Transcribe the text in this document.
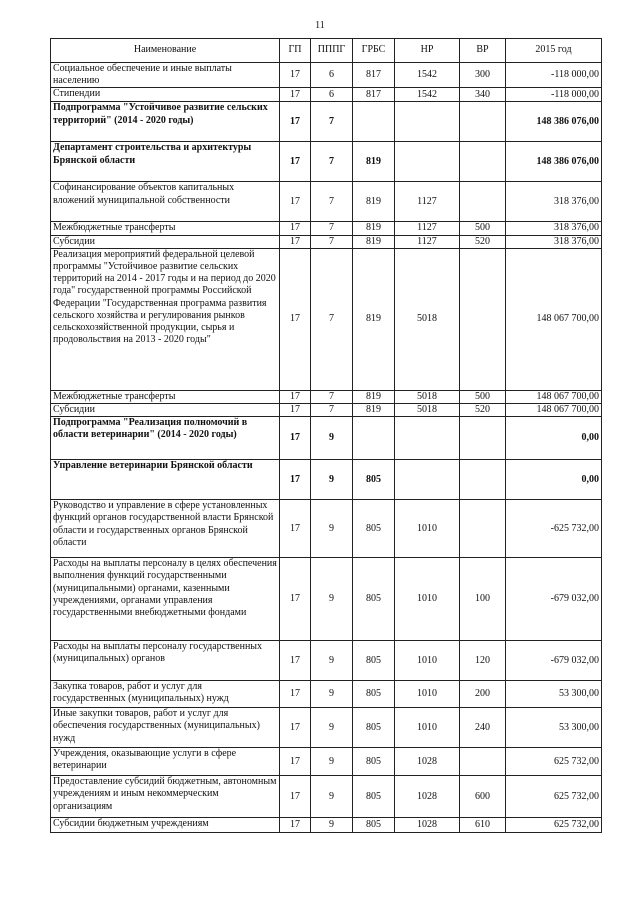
11
Наименование	ГП	ПППГ	ГРБС	НР	ВР	2015 год
Социальное обеспечение и иные выплаты населению	17	6	817	1542	300	-118 000,00
Стипендии	17	6	817	1542	340	-118 000,00
Подпрограмма "Устойчивое развитие сельских территорий" (2014 - 2020 годы)	17	7				148 386 076,00
Департамент строительства и архитектуры Брянской области	17	7	819			148 386 076,00
Софинансирование объектов капитальных вложений муниципальной собственности	17	7	819	1127		318 376,00
Межбюджетные трансферты	17	7	819	1127	500	318 376,00
Субсидии	17	7	819	1127	520	318 376,00
Реализация мероприятий федеральной целевой программы "Устойчивое развитие сельских территорий на 2014 - 2017 годы и на период до 2020 года" государственной программы Российской Федерации "Государственная программа развития сельского хозяйства и регулирования рынков сельскохозяйственной продукции, сырья и продовольствия на 2013 - 2020 годы"	17	7	819	5018		148 067 700,00
Межбюджетные трансферты	17	7	819	5018	500	148 067 700,00
Субсидии	17	7	819	5018	520	148 067 700,00
Подпрограмма "Реализация полномочий в области ветеринарии" (2014 - 2020 годы)	17	9				0,00
Управление ветеринарии Брянской области	17	9	805			0,00
Руководство и управление в сфере установленных функций органов государственной власти Брянской области и государственных органов Брянской области	17	9	805	1010		-625 732,00
Расходы на выплаты персоналу в целях обеспечения выполнения функций государственными (муниципальными) органами, казенными учреждениями, органами управления государственными внебюджетными фондами	17	9	805	1010	100	-679 032,00
Расходы на выплаты персоналу государственных (муниципальных) органов	17	9	805	1010	120	-679 032,00
Закупка товаров, работ и услуг для государственных (муниципальных) нужд	17	9	805	1010	200	53 300,00
Иные закупки товаров, работ и услуг для обеспечения государственных (муниципальных) нужд	17	9	805	1010	240	53 300,00
Учреждения, оказывающие услуги в сфере ветеринарии	17	9	805	1028		625 732,00
Предоставление субсидий бюджетным, автономным учреждениям и иным некоммерческим организациям	17	9	805	1028	600	625 732,00
Субсидии бюджетным учреждениям	17	9	805	1028	610	625 732,00
